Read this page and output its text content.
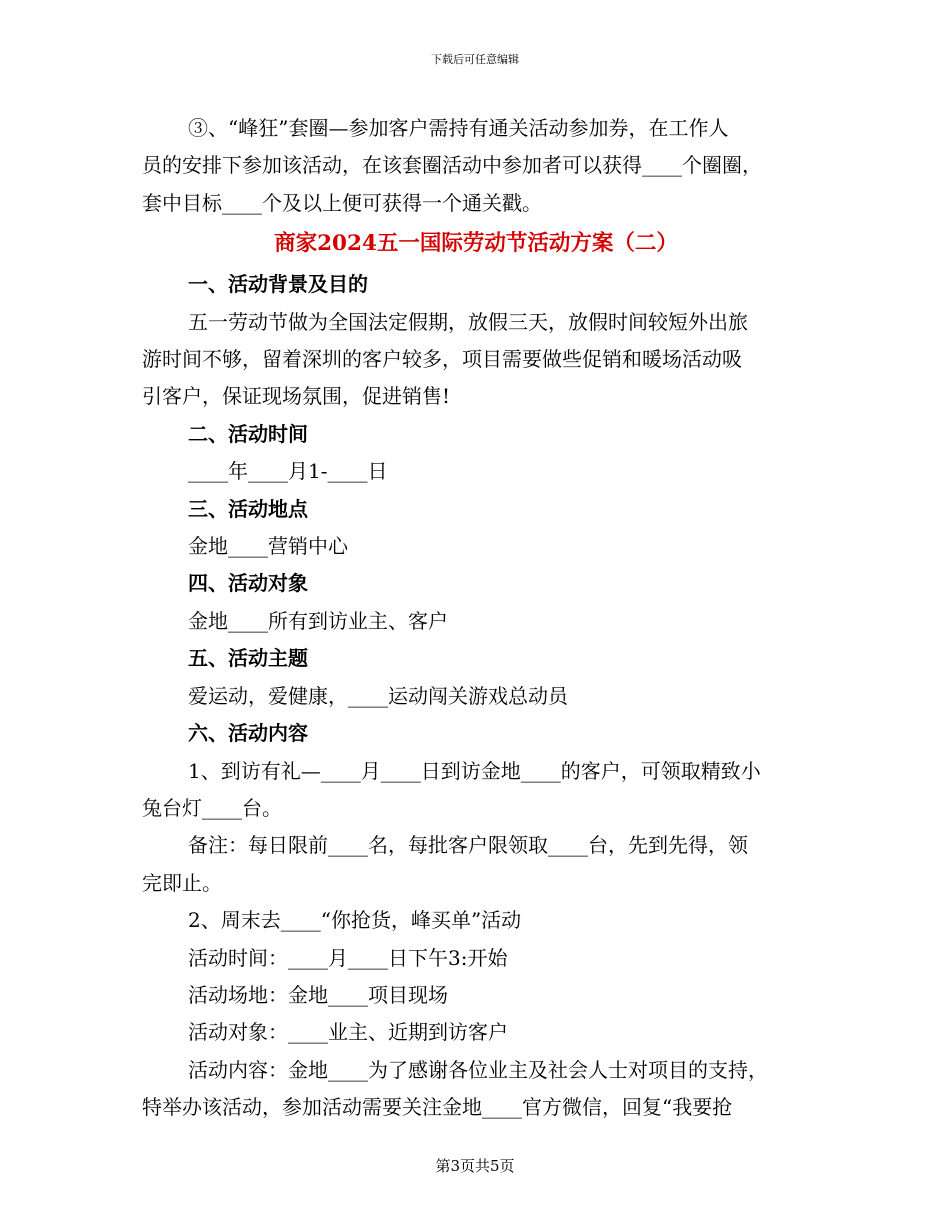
下载后可任意编辑

③、“峰狂”套圈—参加客户需持有通关活动参加券，在工作人

员的安排下参加该活动，在该套圈活动中参加者可以获得____个圈圈，

套中目标____个及以上便可获得一个通关戳。

商家2024五一国际劳动节活动方案（二）

一、活动背景及目的

五一劳动节做为全国法定假期，放假三天，放假时间较短外出旅

游时间不够，留着深圳的客户较多，项目需要做些促销和暖场活动吸

引客户，保证现场氛围，促进销售!

二、活动时间

____年____月1-____日

三、活动地点

金地____营销中心

四、活动对象

金地____所有到访业主、客户

五、活动主题

爱运动，爱健康，____运动闯关游戏总动员

六、活动内容

1、到访有礼—____月____日到访金地____的客户，可领取精致小

兔台灯____台。

备注：每日限前____名，每批客户限领取____台，先到先得，领

完即止。

2、周末去____“你抢货，峰买单”活动

活动时间：____月____日下午3:开始

活动场地：金地____项目现场

活动对象：____业主、近期到访客户

活动内容：金地____为了感谢各位业主及社会人士对项目的支持，

特举办该活动，参加活动需要关注金地____官方微信，回复“我要抢

第3页共5页
